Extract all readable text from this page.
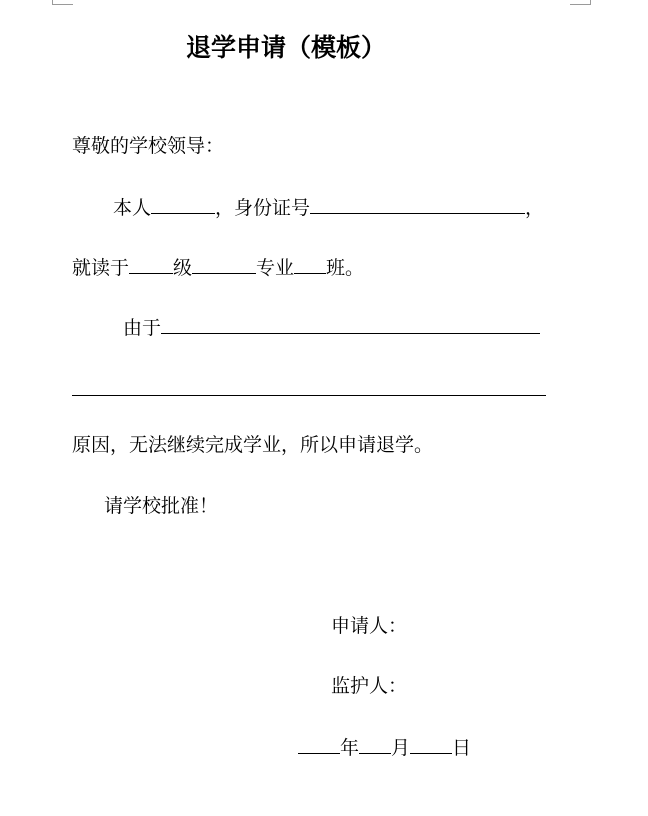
退学申请（模板）
尊敬的学校领导：
本人	，身份证号	，
就读于 级	专业 班。
由于
原因，无法继续完成学业，所以申请退学。
请学校批准！
申请人：
监护人：
年 月 日
